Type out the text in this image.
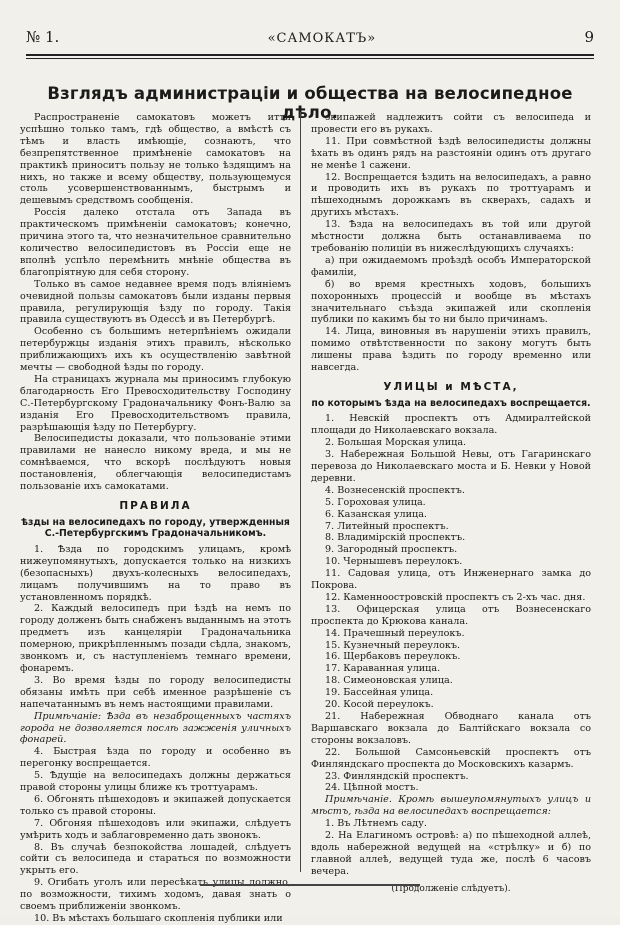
№ 1.	«САМОКАТЪ»	9
Взглядъ администраціи и общества на велосипедное дѣло.

Распространеніе самокатовъ можетъ итти успѣшно только тамъ, гдѣ общество, а вмѣстѣ съ тѣмъ и власть имѣющіе, сознаютъ, что безпрепятственное примѣненіе самокатовъ на практикѣ приноситъ пользу не только ѣздящимъ на нихъ, но также и всему обществу, пользующемуся столь усовершенствованнымъ, быстрымъ и дешевымъ средствомъ сообщенія.

Россія далеко отстала отъ Запада въ практическомъ примѣненіи самокатовъ; конечно, причина этого та, что незначительное сравнительно количество велосипедистовъ въ Россіи еще не вполнѣ успѣло перемѣнить мнѣніе общества въ благопріятную для себя сторону.

Только въ самое недавнее время подъ вліяніемъ очевидной пользы самокатовъ были изданы первыя правила, регулирующія ѣзду по городу. Такія правила существуютъ въ Одессѣ и въ Петербургѣ.

Особенно съ большимъ нетерпѣніемъ ожидали петербуржцы изданія этихъ правилъ, нѣсколько приближающихъ ихъ къ осуществленію завѣтной мечты — свободной ѣзды по городу.

На страницахъ журнала мы приносимъ глубокую благодарность Его Превосходительству Господину С.-Петербургскому Градоначальнику Фонъ-Валю за изданія Его Превосходительствомъ правила, разрѣшающія ѣзду по Петербургу.

Велосипедисты доказали, что пользованіе этими правилами не нанесло никому вреда, и мы не сомнѣваемся, что вскорѣ послѣдуютъ новыя постановленія, облегчающія велосипедистамъ пользованіе ихъ самокатами.

ПРАВИЛА
ѣзды на велосипедахъ по городу, утвержденныя С.-Петербургскимъ Градоначальникомъ.

1. Ѣзда по городскимъ улицамъ, кромѣ нижеупомянутыхъ, допускается только на низкихъ (безопасныхъ) двухъ-колесныхъ велосипедахъ, лицамъ получившимъ на то право въ установленномъ порядкѣ.

2. Каждый велосипедъ при ѣздѣ на немъ по городу долженъ быть снабженъ выданнымъ на этотъ предметъ изъ канцеляріи Градоначальника померною, прикрѣпленнымъ позади сѣдла, знакомъ, звонкомъ и, съ наступленіемъ темнаго времени, фонаремъ.

3. Во время ѣзды по городу велосипедисты обязаны имѣть при себѣ именное разрѣшеніе съ напечатаннымъ въ немъ настоящими правилами.

Примѣчаніе: Ѣзда въ незаброщенныхъ частяхъ города не дозволяется послѣ зажженія уличныхъ фонарей.

4. Быстрая ѣзда по городу и особенно въ перегонку воспрещается.

5. Ѣдущіе на велосипедахъ должны держаться правой стороны улицы ближе къ троттуарамъ.

6. Обгонять пѣшеходовъ и экипажей допускается только съ правой стороны.

7. Обгоняя пѣшеходовъ или экипажи, слѣдуетъ умѣрить ходъ и заблаговременно дать звонокъ.

8. Въ случаѣ безпокойства лошадей, слѣдуетъ сойти съ велосипеда и стараться по возможности укрыть его.

9. Огибать уголъ или пересѣкать улицы должно, по возможности, тихимъ ходомъ, давая знать о своемъ приближеніи звонкомъ.

10. Въ мѣстахъ большаго скопленія публики или

экипажей надлежитъ сойти съ велосипеда и провести его въ рукахъ.

11. При совмѣстной ѣздѣ велосипедисты должны ѣхать въ одинъ рядъ на разстояніи одинъ отъ другаго не менѣе 1 сажени.

12. Воспрещается ѣздить на велосипедахъ, а равно и проводить ихъ въ рукахъ по троттуарамъ и пѣшеходнымъ дорожкамъ въ скверахъ, садахъ и другихъ мѣстахъ.

13. Ѣзда на велосипедахъ въ той или другой мѣстности должна быть останавливаема по требованію полиціи въ нижеслѣдующихъ случаяхъ:

а) при ожидаемомъ проѣздѣ особъ Императорской фамиліи,

б) во время крестныхъ ходовъ, большихъ похоронныхъ процессій и вообще въ мѣстахъ значительнаго съѣзда экипажей или скопленія публики по какимъ бы то ни было причинамъ.

14. Лица, виновныя въ нарушеніи этихъ правилъ, помимо отвѣтственности по закону могутъ быть лишены права ѣздить по городу временно или навсегда.

УЛИЦЫ и МѢСТА,
по которымъ ѣзда на велосипедахъ воспрещается.

1. Невскій проспектъ отъ Адмиралтейской площади до Николаевскаго вокзала.

2. Большая Морская улица.

3. Набережная Большой Невы, отъ Гагаринскаго перевоза до Николаевскаго моста и Б. Невки у Новой деревни.

4. Вознесенскій проспектъ.

5. Гороховая улица.

6. Казанская улица.

7. Литейный проспектъ.

8. Владимірскій проспектъ.

9. Загородный проспектъ.

10. Чернышевъ переулокъ.

11. Садовая улица, отъ Инженернаго замка до Покрова.

12. Каменноостровскій проспектъ съ 2-хъ час. дня.

13. Офицерская улица отъ Вознесенскаго проспекта до Крюкова канала.

14. Прачешный переулокъ.

15. Кузнечный переулокъ.

16. Щербаковъ переулокъ.

17. Караванная улица.

18. Симеоновская улица.

19. Бассейная улица.

20. Косой переулокъ.

21. Набережная Обводнаго канала отъ Варшавскаго вокзала до Балтійскаго вокзала со стороны вокзаловъ.

22. Большой Самсоньевскій проспектъ отъ Финляндскаго проспекта до Московскихъ казармъ.

23. Финляндскій проспектъ.

24. Цѣпной мостъ.

Примѣчаніе. Кромѣ вышеупомянутыхъ улицъ и мѣстъ, ѣзда на велосипедахъ воспрещается:

1. Въ Лѣтнемъ саду.

2. На Елагиномъ островѣ: а) по пѣшеходной аллеѣ, вдоль набережной ведущей на «стрѣлку» и б) по главной аллеѣ, ведущей туда же, послѣ 6 часовъ вечера.

(Продолженіе слѣдуетъ).
